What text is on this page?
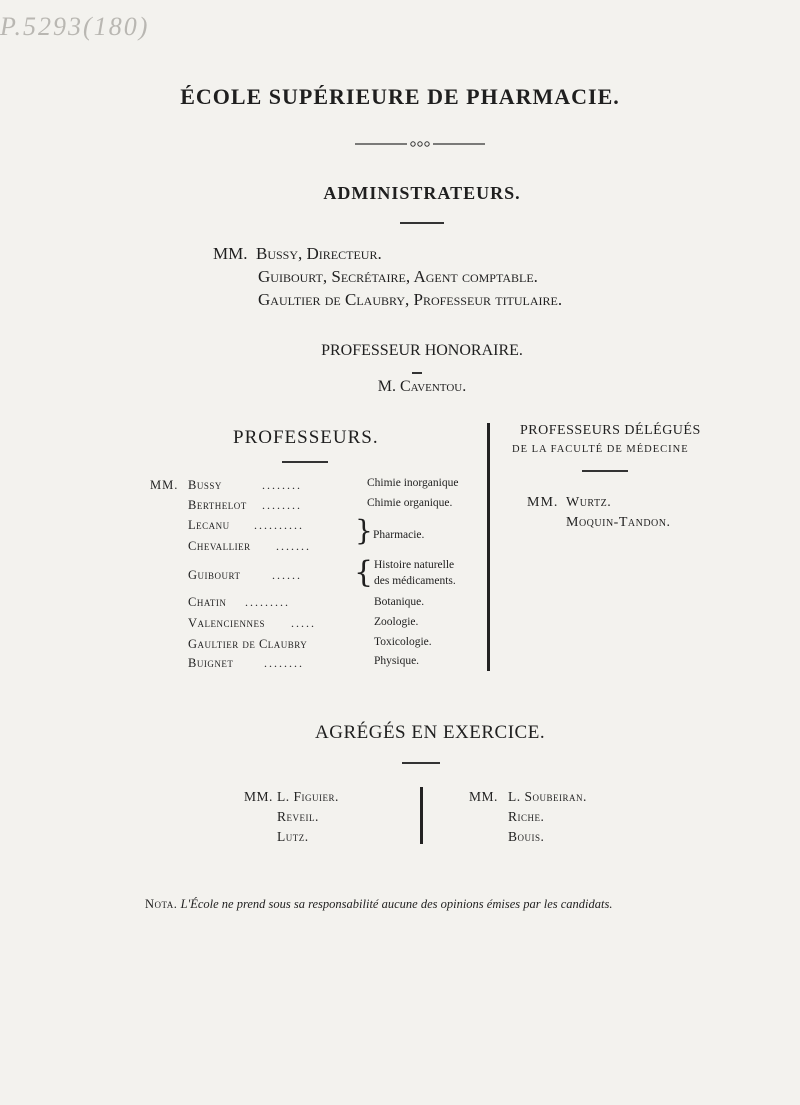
P.5293(180)
ÉCOLE SUPÉRIEURE DE PHARMACIE.
ADMINISTRATEURS.
MM. Bussy, Directeur.
Guibourt, Secrétaire, Agent comptable.
Gaultier de Claubry, Professeur titulaire.
PROFESSEUR HONORAIRE.
M. Caventou.
PROFESSEURS.
MM. Bussy
Berthelot
Lecanu
Chevallier
Guibourt
Chatin
Valenciennes
Gaultier de Claubry
Buignet
........
........
..........
.......
......
.........
.....
........
}
{
Chimie inorganique
Chimie organique.
Pharmacie.
Histoire naturelle
des médicaments.
Botanique.
Zoologie.
Toxicologie.
Physique.
PROFESSEURS DÉLÉGUÉS
DE LA FACULTÉ DE MÉDECINE
MM. Wurtz.
Moquin-Tandon.
AGRÉGÉS EN EXERCICE.
MM. L. Figuier.
Reveil.
Lutz.
MM. L. Soubeiran.
Riche.
Bouis.
Nota. L'École ne prend sous sa responsabilité aucune des opinions émises par les candidats.
